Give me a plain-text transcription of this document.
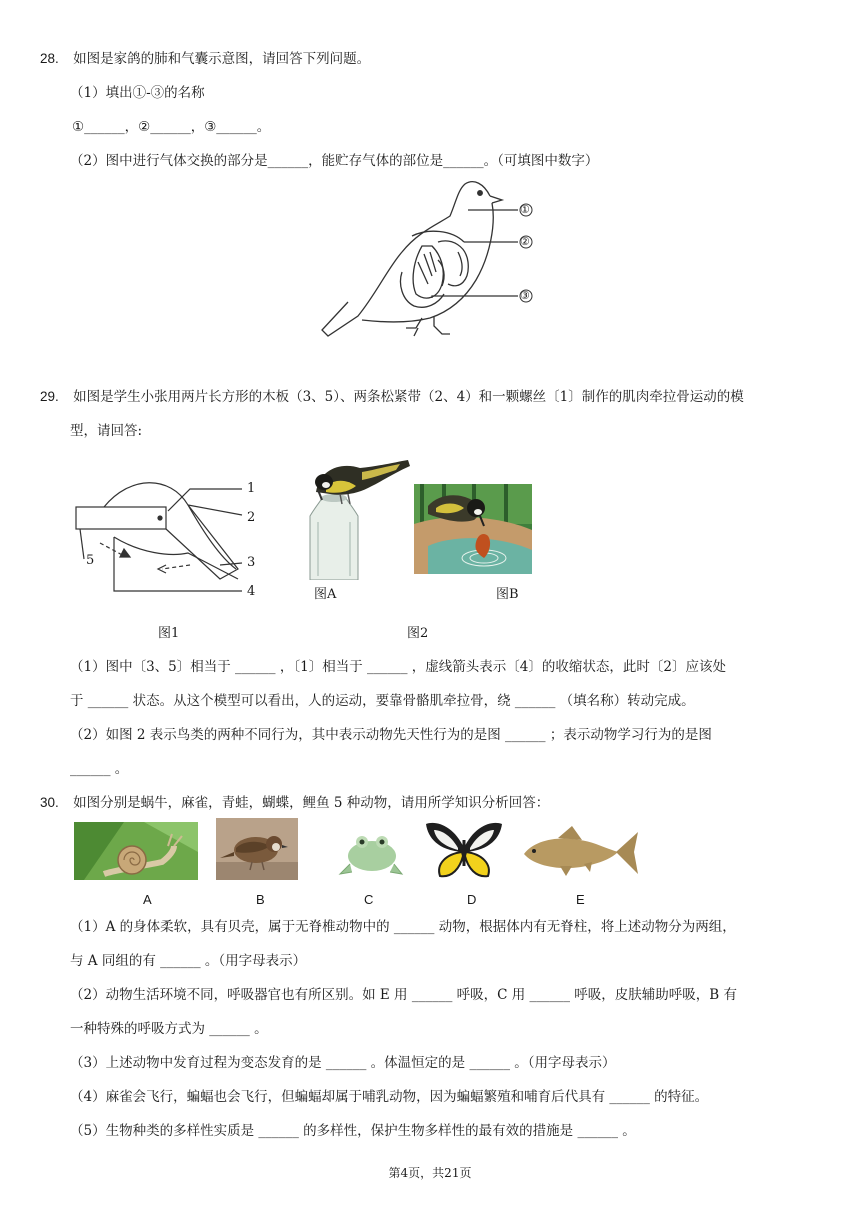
28. 如图是家鸽的肺和气囊示意图，请回答下列问题。
（1）填出①-③的名称
①______，②______，③______。
（2）图中进行气体交换的部分是______，能贮存气体的部位是______。（可填图中数字）
①
②
③
29. 如图是学生小张用两片长方形的木板（3、5）、两条松紧带（2、4）和一颗螺丝〔1〕制作的肌肉牵拉骨运动的模
型，请回答:
1
2
3
4
5
图A	图B
图1	图2
（1）图中〔3、5〕相当于 ______ ，〔1〕相当于 ______ ，虚线箭头表示〔4〕的收缩状态，此时〔2〕应该处
于 ______ 状态。从这个模型可以看出，人的运动，要靠骨骼肌牵拉骨，绕 ______ （填名称）转动完成。
（2）如图 2 表示鸟类的两种不同行为，其中表示动物先天性行为的是图 ______ ；表示动物学习行为的是图
______ 。
30. 如图分别是蜗牛，麻雀，青蛙，蝴蝶，鲤鱼 5 种动物，请用所学知识分析回答：
A	B	C	D	E
（1）A 的身体柔软，具有贝壳，属于无脊椎动物中的 ______ 动物，根据体内有无脊柱，将上述动物分为两组，
与 A 同组的有 ______ 。（用字母表示）
（2）动物生活环境不同，呼吸器官也有所区别。如 E 用 ______ 呼吸，C 用 ______ 呼吸，皮肤辅助呼吸，B 有
一种特殊的呼吸方式为 ______ 。
（3）上述动物中发育过程为变态发育的是 ______ 。体温恒定的是 ______ 。（用字母表示）
（4）麻雀会飞行，蝙蝠也会飞行，但蝙蝠却属于哺乳动物，因为蝙蝠繁殖和哺育后代具有 ______ 的特征。
（5）生物种类的多样性实质是 ______ 的多样性，保护生物多样性的最有效的措施是 ______ 。
第4页，共21页
